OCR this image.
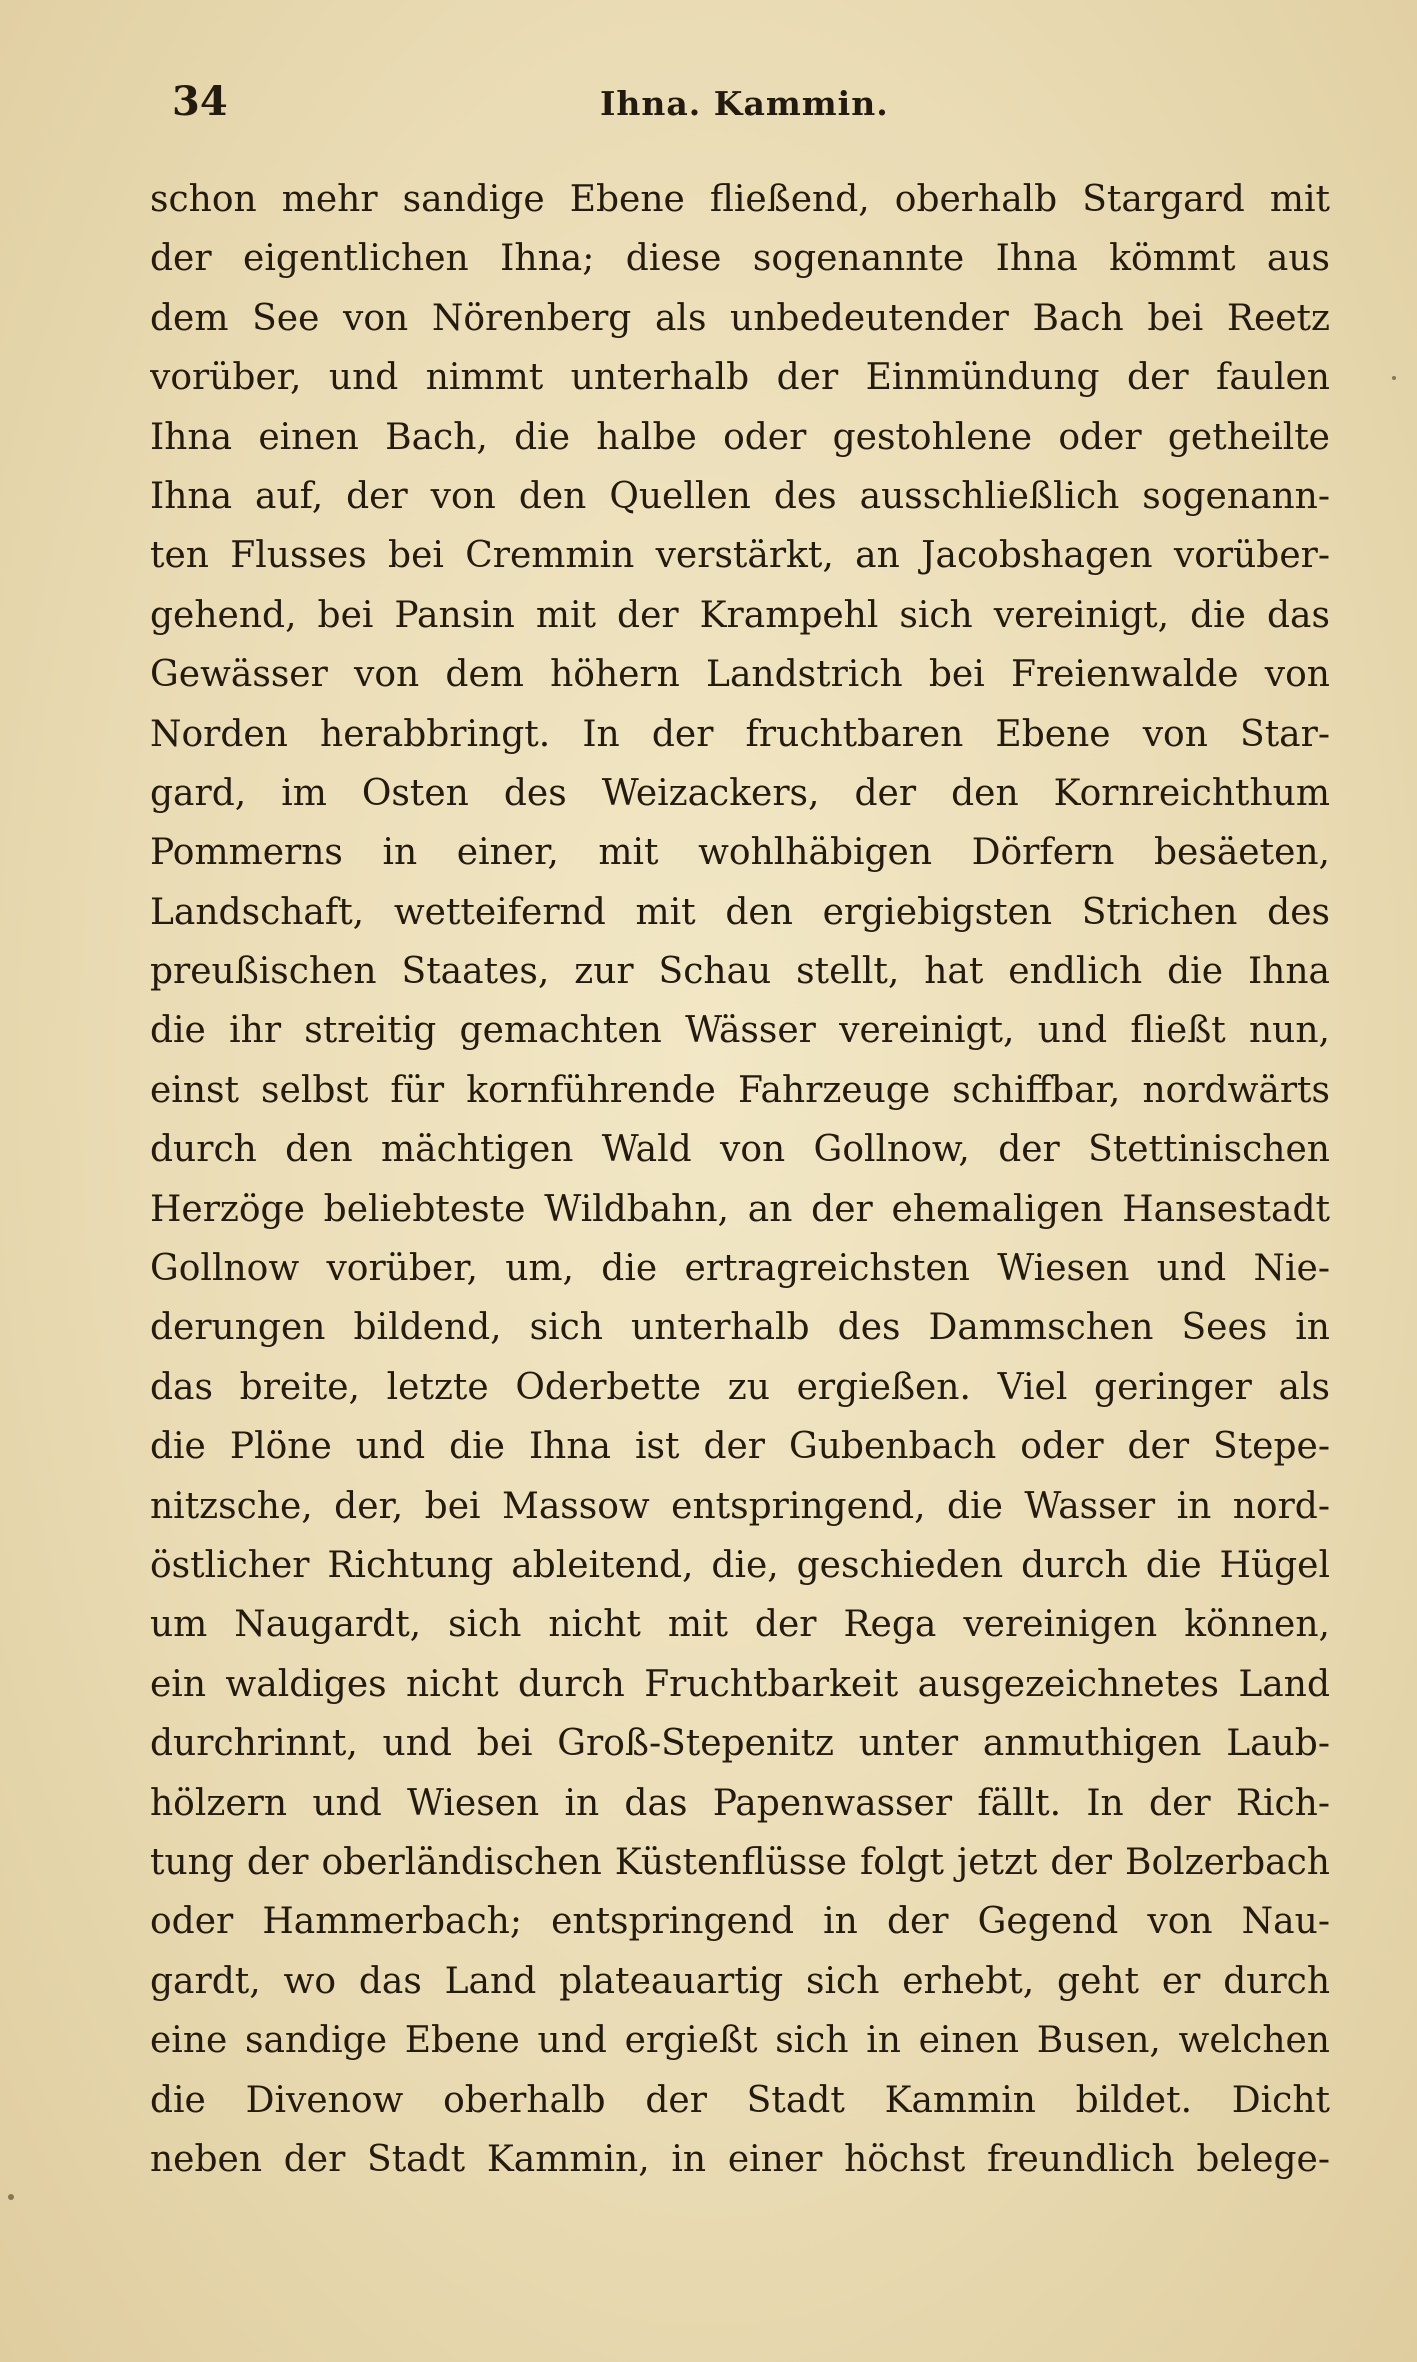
34	Ihna. Kammin.
schon mehr sandige Ebene fließend, oberhalb Stargard mit
der eigentlichen Ihna; diese sogenannte Ihna kömmt aus
dem See von Nörenberg als unbedeutender Bach bei Reetz
vorüber, und nimmt unterhalb der Einmündung der faulen
Ihna einen Bach, die halbe oder gestohlene oder getheilte
Ihna auf, der von den Quellen des ausschließlich sogenann-
ten Flusses bei Cremmin verstärkt, an Jacobshagen vorüber-
gehend, bei Pansin mit der Krampehl sich vereinigt, die das
Gewässer von dem höhern Landstrich bei Freienwalde von
Norden herabbringt. In der fruchtbaren Ebene von Star-
gard, im Osten des Weizackers, der den Kornreichthum
Pommerns in einer, mit wohlhäbigen Dörfern besäeten,
Landschaft, wetteifernd mit den ergiebigsten Strichen des
preußischen Staates, zur Schau stellt, hat endlich die Ihna
die ihr streitig gemachten Wässer vereinigt, und fließt nun,
einst selbst für kornführende Fahrzeuge schiffbar, nordwärts
durch den mächtigen Wald von Gollnow, der Stettinischen
Herzöge beliebteste Wildbahn, an der ehemaligen Hansestadt
Gollnow vorüber, um, die ertragreichsten Wiesen und Nie-
derungen bildend, sich unterhalb des Dammschen Sees in
das breite, letzte Oderbette zu ergießen. Viel geringer als
die Plöne und die Ihna ist der Gubenbach oder der Stepe-
nitzsche, der, bei Massow entspringend, die Wasser in nord-
östlicher Richtung ableitend, die, geschieden durch die Hügel
um Naugardt, sich nicht mit der Rega vereinigen können,
ein waldiges nicht durch Fruchtbarkeit ausgezeichnetes Land
durchrinnt, und bei Groß-Stepenitz unter anmuthigen Laub-
hölzern und Wiesen in das Papenwasser fällt. In der Rich-
tung der oberländischen Küstenflüsse folgt jetzt der Bolzerbach
oder Hammerbach; entspringend in der Gegend von Nau-
gardt, wo das Land plateauartig sich erhebt, geht er durch
eine sandige Ebene und ergießt sich in einen Busen, welchen
die Divenow oberhalb der Stadt Kammin bildet. Dicht
neben der Stadt Kammin, in einer höchst freundlich belege-
